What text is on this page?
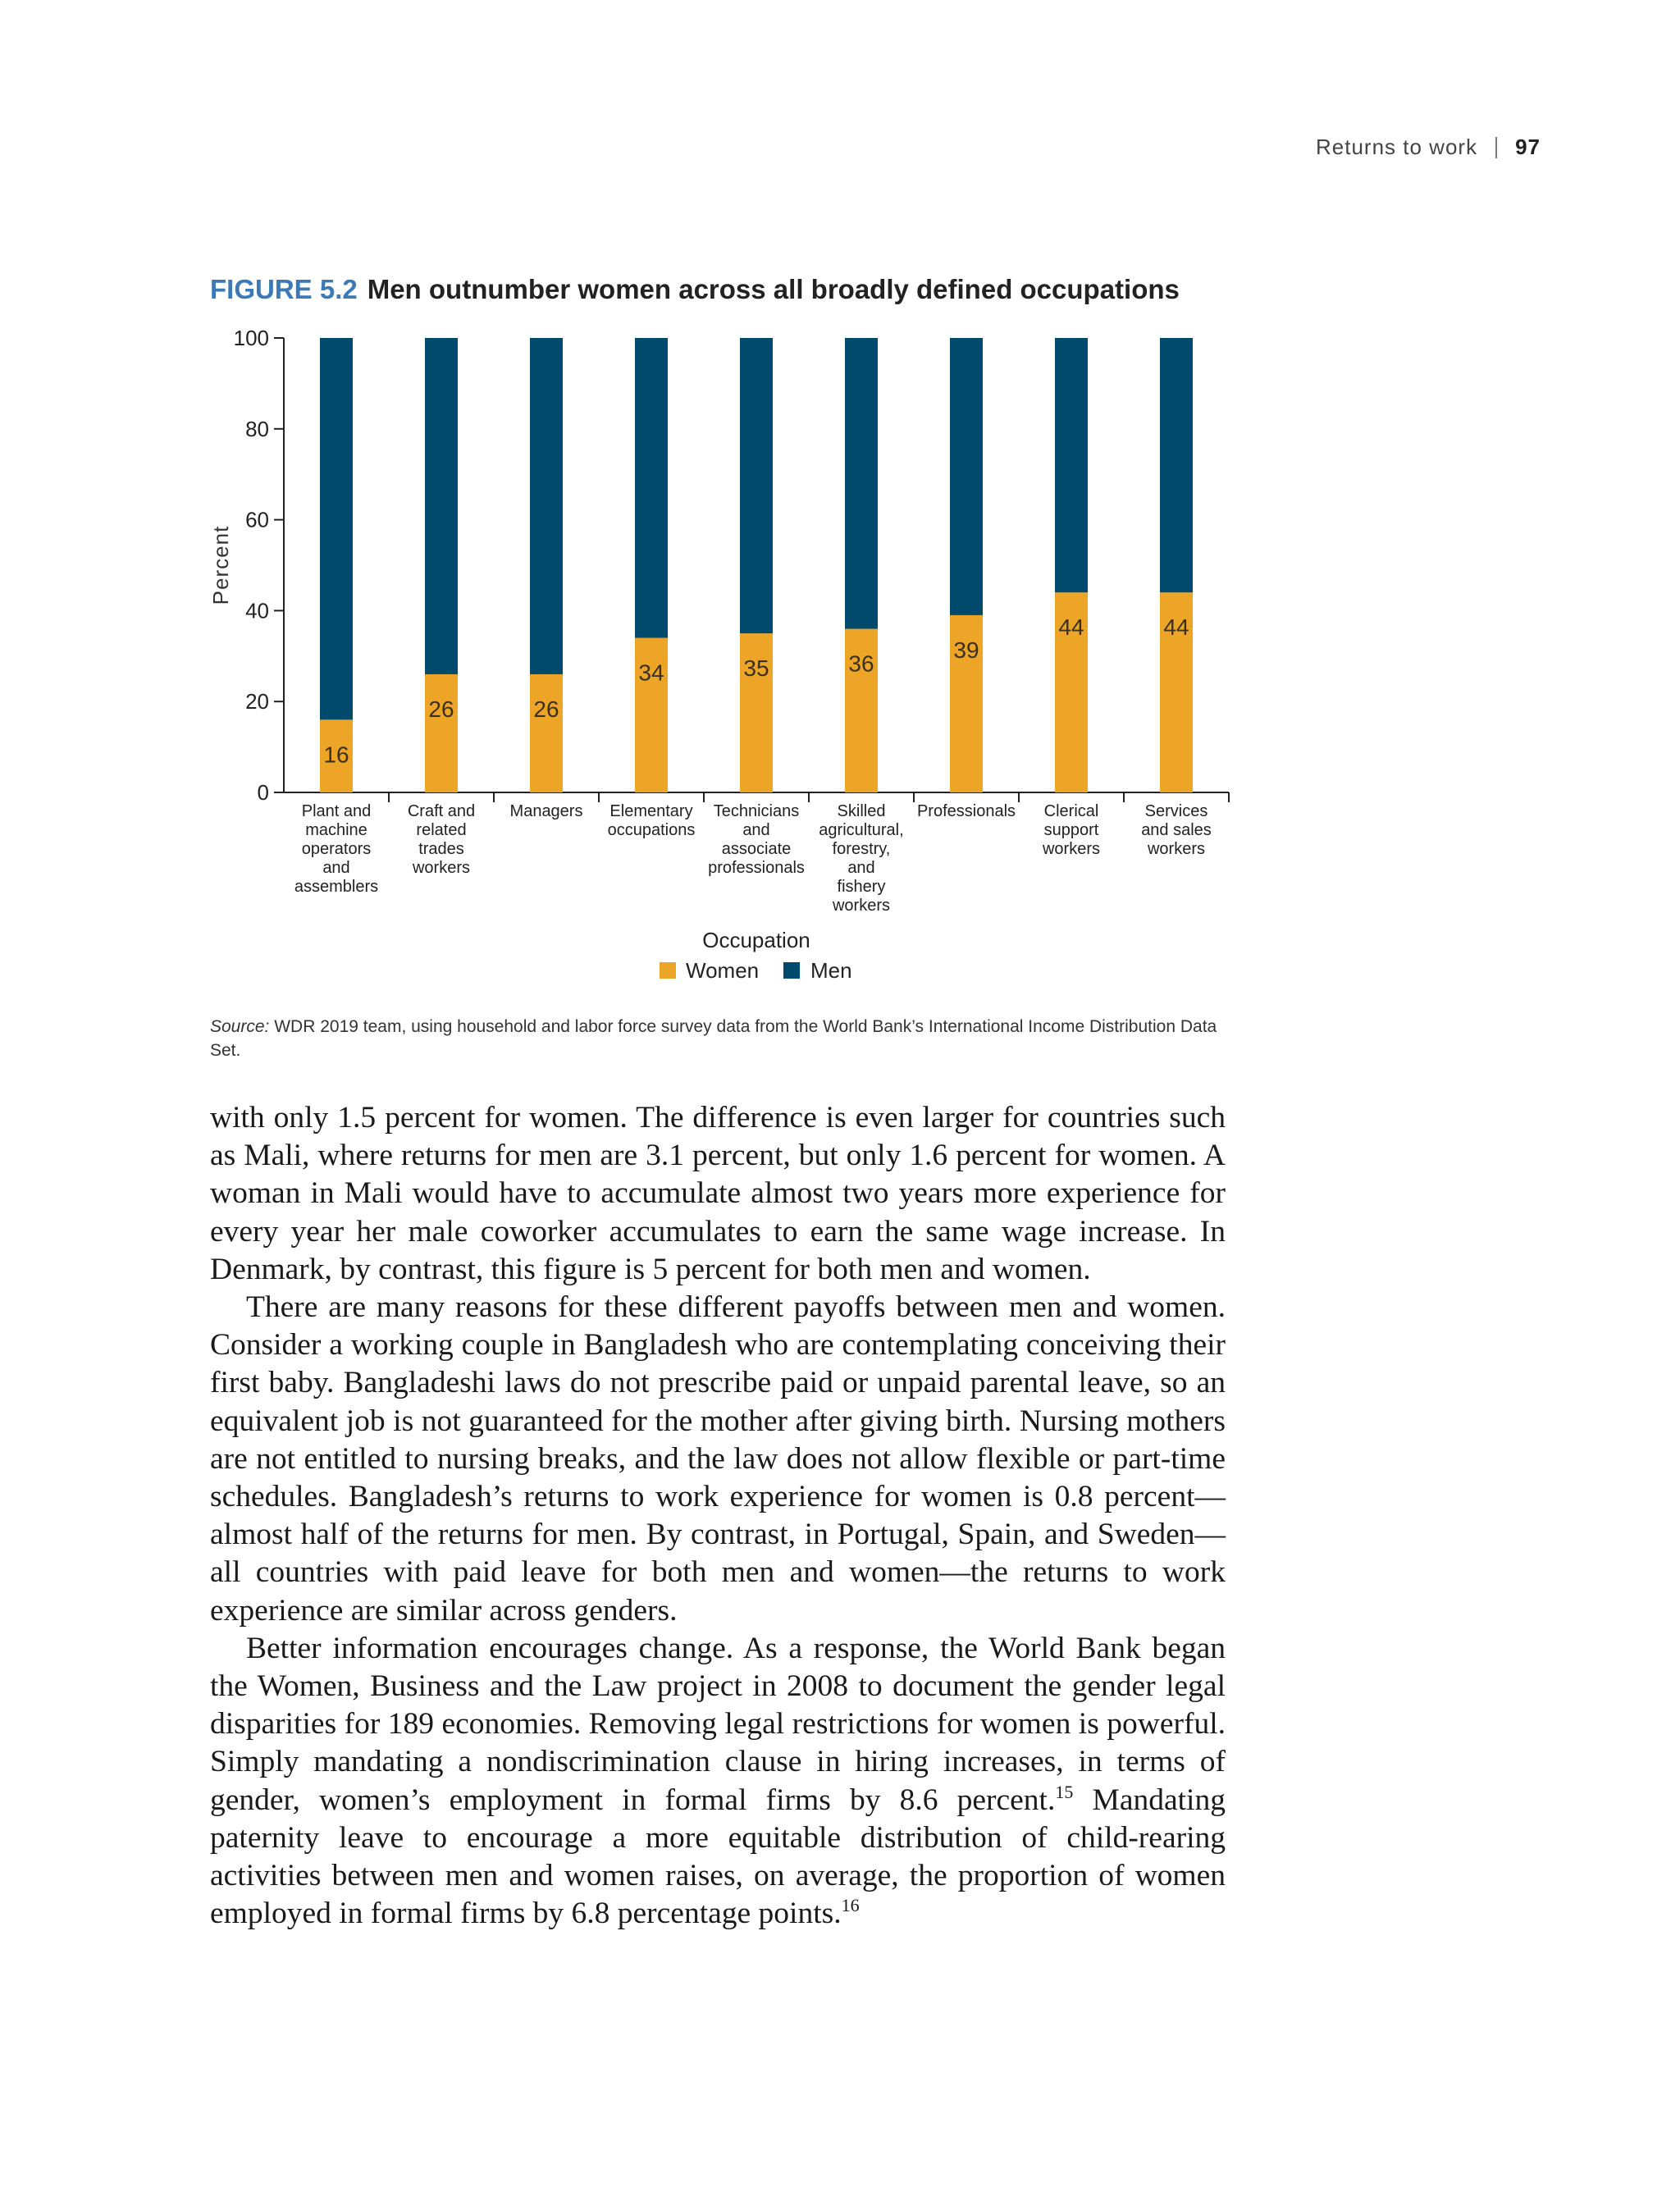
Returns to work 97
FIGURE 5.2 Men outnumber women across all broadly defined occupations
0
20
40
60
80
100
Percent
16
Plant and
machine
operators
and
assemblers
26
Craft and
related
trades
workers
26
Managers
34
Elementary
occupations
35
Technicians
and
associate
professionals
36
Skilled
agricultural,
forestry,
and
fishery
workers
39
Professionals
44
Clerical
support
workers
44
Services
and sales
workers
Occupation
Women Men
Source: WDR 2019 team, using household and labor force survey data from the World Bank’s International Income Distribution Data Set.

with only 1.5 percent for women. The difference is even larger for countries such as Mali, where returns for men are 3.1 percent, but only 1.6 percent for women. A woman in Mali would have to accumulate almost two years more experience for every year her male coworker accumulates to earn the same wage increase. In Denmark, by contrast, this figure is 5 percent for both men and women.

There are many reasons for these different payoffs between men and women. Consider a working couple in Bangladesh who are contemplating conceiving their first baby. Bangladeshi laws do not prescribe paid or unpaid parental leave, so an equivalent job is not guaranteed for the mother after giving birth. Nursing mothers are not entitled to nursing breaks, and the law does not allow flexible or part-time schedules. Bangladesh’s returns to work experience for women is 0.8 percent—almost half of the returns for men. By contrast, in Portugal, Spain, and Sweden—all countries with paid leave for both men and women—the returns to work experience are similar across genders.

Better information encourages change. As a response, the World Bank began the Women, Business and the Law project in 2008 to document the gender legal disparities for 189 economies. Removing legal restrictions for women is powerful. Simply mandating a nondiscrimination clause in hiring increases, in terms of gender, women’s employment in formal firms by 8.6 percent.$^{15}$ Mandating paternity leave to encourage a more equitable distribution of child-rearing activities between men and women raises, on average, the proportion of women employed in formal firms by 6.8 percentage points.$^{16}$
